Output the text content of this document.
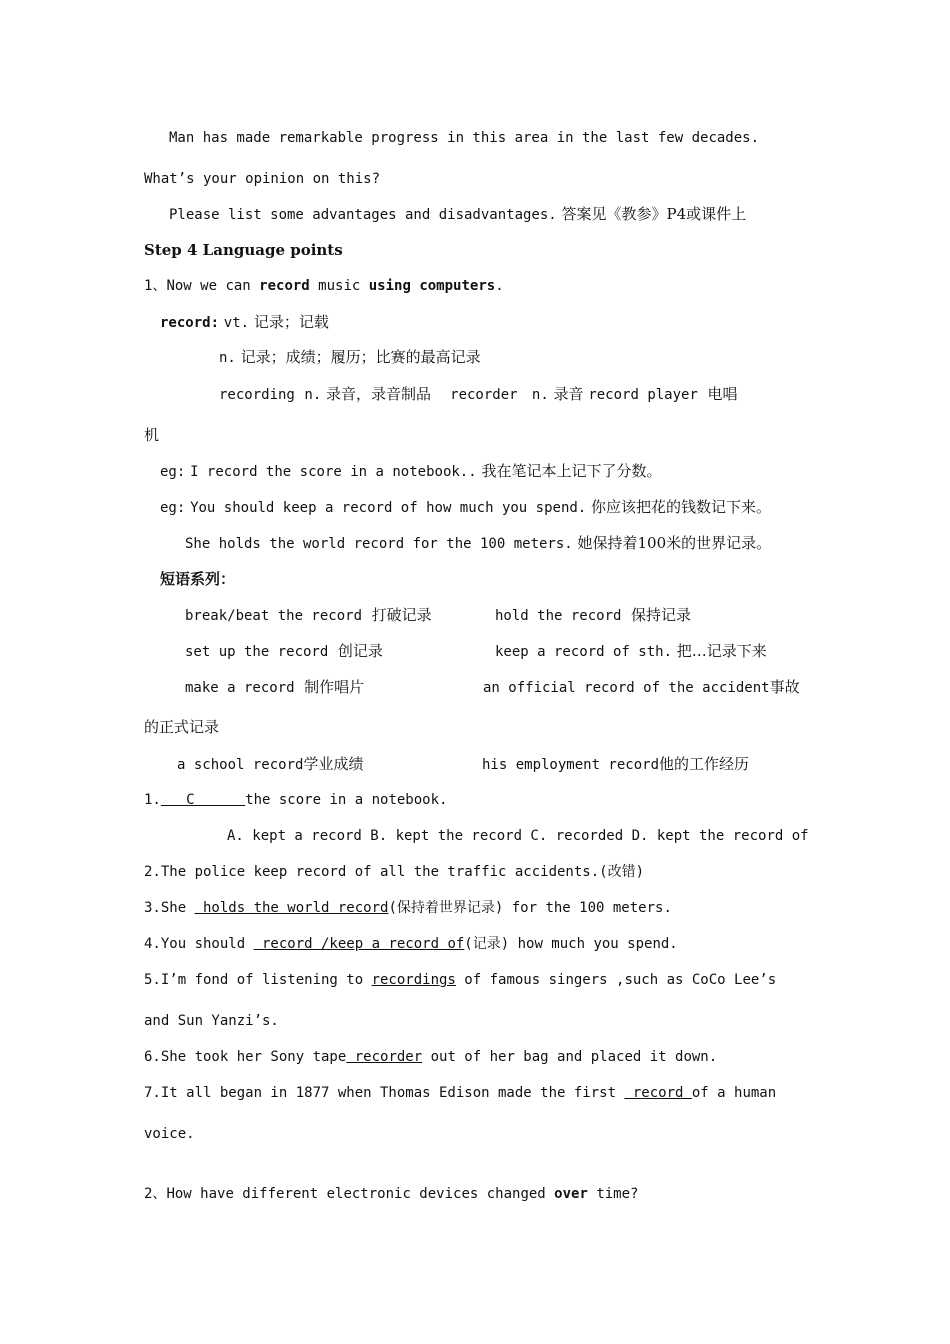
Man has made remarkable progress in this area in the last few decades.
What’s your opinion on this?
Please list some advantages and disadvantages. 答案见《教参》P4或课件上
Step 4 Language points
1、Now we can record music using computers.
record: vt. 记录；记载
n. 记录；成绩；履历；比赛的最高记录
recording n. 录音，录音制品 recorder n. 录音 record player 电唱
机
eg: I record the score in a notebook.. 我在笔记本上记下了分数。
eg: You should keep a record of how much you spend. 你应该把花的钱数记下来。
She holds the world record for the 100 meters. 她保持着100米的世界记录。
短语系列：
break/beat the record 打破记录	hold the record 保持记录
set up the record 创记录	keep a record of sth. 把…记录下来
make a record 制作唱片	an official record of the accident事故
的正式记录
a school record学业成绩	his employment record他的工作经历
1.   C      the score in a notebook.
A. kept a record B. kept the record C. recorded D. kept the record of
2.The police keep record of all the traffic accidents.(改错)
3.She  holds the world record(保持着世界记录) for the 100 meters.
4.You should  record /keep a record of(记录) how much you spend.
5.I’m fond of listening to recordings of famous singers ,such as CoCo Lee’s
and Sun Yanzi’s.
6.She took her Sony tape recorder out of her bag and placed it down.
7.It all began in 1877 when Thomas Edison made the first  record of a human
voice.
2、How have different electronic devices changed over time?
